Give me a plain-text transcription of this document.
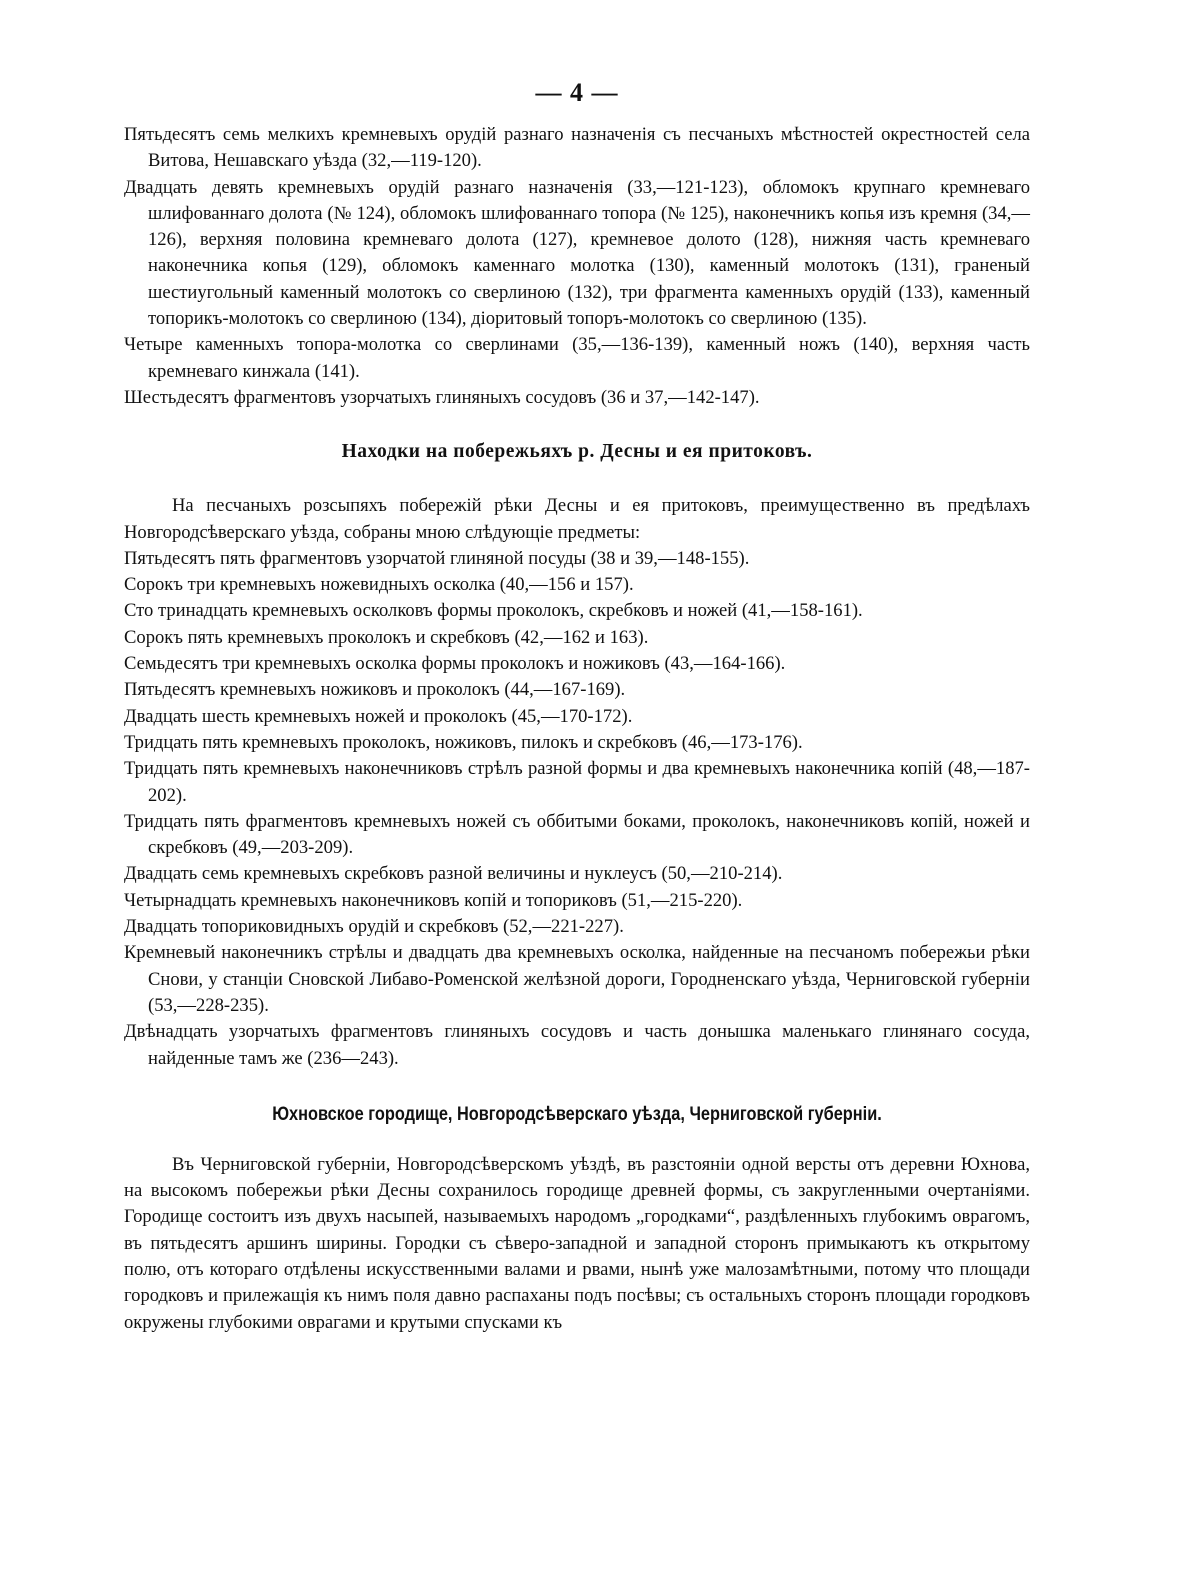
— 4 —

Пятьдесятъ семь мелкихъ кремневыхъ орудій разнаго назначенія съ песчаныхъ мѣстностей окрестностей села Витова, Нешавскаго уѣзда (32,—119-120).

Двадцать девять кремневыхъ орудій разнаго назначенія (33,—121-123), обломокъ крупнаго кремневаго шлифованнаго долота (№ 124), обломокъ шлифованнаго топора (№ 125), наконечникъ копья изъ кремня (34,—126), верхняя половина кремневаго долота (127), кремневое долото (128), нижняя часть кремневаго наконечника копья (129), обломокъ каменнаго молотка (130), каменный молотокъ (131), граненый шестиугольный каменный молотокъ со сверлиною (132), три фрагмента каменныхъ орудій (133), каменный топорикъ-молотокъ со сверлиною (134), діоритовый топоръ-молотокъ со сверлиною (135).

Четыре каменныхъ топора-молотка со сверлинами (35,—136-139), каменный ножъ (140), верхняя часть кремневаго кинжала (141).

Шестьдесятъ фрагментовъ узорчатыхъ глиняныхъ сосудовъ (36 и 37,—142-147).

Находки на побережьяхъ р. Десны и ея притоковъ.

На песчаныхъ розсыпяхъ побережій рѣки Десны и ея притоковъ, преимущественно въ предѣлахъ Новгородсѣверскаго уѣзда, собраны мною слѣдующіе предметы:

Пятьдесятъ пять фрагментовъ узорчатой глиняной посуды (38 и 39,—148-155).

Сорокъ три кремневыхъ ножевидныхъ осколка (40,—156 и 157).

Сто тринадцать кремневыхъ осколковъ формы проколокъ, скребковъ и ножей (41,—158-161).

Сорокъ пять кремневыхъ проколокъ и скребковъ (42,—162 и 163).

Семьдесятъ три кремневыхъ осколка формы проколокъ и ножиковъ (43,—164-166).

Пятьдесятъ кремневыхъ ножиковъ и проколокъ (44,—167-169).

Двадцать шесть кремневыхъ ножей и проколокъ (45,—170-172).

Тридцать пять кремневыхъ проколокъ, ножиковъ, пилокъ и скребковъ (46,—173-176).

Тридцать пять кремневыхъ наконечниковъ стрѣлъ разной формы и два кремневыхъ наконечника копій (48,—187-202).

Тридцать пять фрагментовъ кремневыхъ ножей съ оббитыми боками, проколокъ, наконечниковъ копій, ножей и скребковъ (49,—203-209).

Двадцать семь кремневыхъ скребковъ разной величины и нуклеусъ (50,—210-214).

Четырнадцать кремневыхъ наконечниковъ копій и топориковъ (51,—215-220).

Двадцать топориковидныхъ орудій и скребковъ (52,—221-227).

Кремневый наконечникъ стрѣлы и двадцать два кремневыхъ осколка, найденные на песчаномъ побережьи рѣки Снови, у станціи Сновской Либаво-Роменской желѣзной дороги, Городненскаго уѣзда, Черниговской губерніи (53,—228-235).

Двѣнадцать узорчатыхъ фрагментовъ глиняныхъ сосудовъ и часть донышка маленькаго глинянаго сосуда, найденные тамъ же (236—243).

Юхновское городище, Новгородсѣверскаго уѣзда, Черниговской губерніи.

Въ Черниговской губерніи, Новгородсѣверскомъ уѣздѣ, въ разстояніи одной версты отъ деревни Юхнова, на высокомъ побережьи рѣки Десны сохранилось городище древней формы, съ закругленными очертаніями. Городище состоитъ изъ двухъ насыпей, называемыхъ народомъ „городками“, раздѣленныхъ глубокимъ оврагомъ, въ пятьдесятъ аршинъ ширины. Городки съ сѣверо-западной и западной сторонъ примыкаютъ къ открытому полю, отъ котораго отдѣлены искусственными валами и рвами, нынѣ уже малозамѣтными, потому что площади городковъ и прилежащія къ нимъ поля давно распаханы подъ посѣвы; съ остальныхъ сторонъ площади городковъ окружены глубокими оврагами и крутыми спусками къ
